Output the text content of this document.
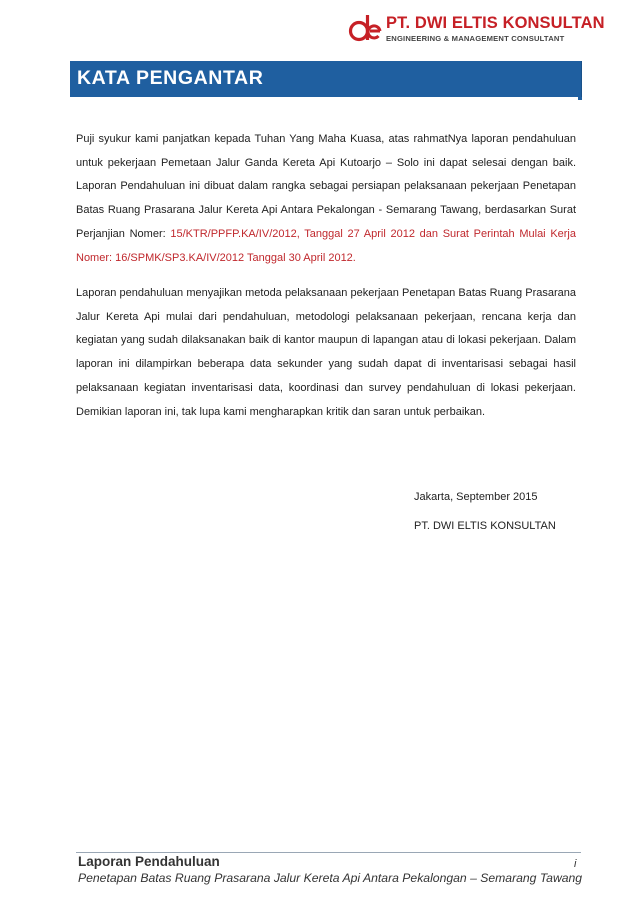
PT. DWI ELTIS KONSULTAN
ENGINEERING & MANAGEMENT CONSULTANT
KATA PENGANTAR
Puji syukur kami panjatkan kepada Tuhan Yang Maha Kuasa, atas rahmatNya laporan pendahuluan untuk pekerjaan Pemetaan Jalur Ganda Kereta Api Kutoarjo – Solo ini dapat selesai dengan baik. Laporan Pendahuluan ini dibuat dalam rangka sebagai persiapan pelaksanaan pekerjaan Penetapan Batas Ruang Prasarana Jalur Kereta Api Antara Pekalongan - Semarang Tawang, berdasarkan Surat Perjanjian Nomer: 15/KTR/PPFP.KA/IV/2012, Tanggal 27 April 2012 dan Surat Perintah Mulai Kerja Nomer: 16/SPMK/SP3.KA/IV/2012 Tanggal 30 April 2012.
Laporan pendahuluan menyajikan metoda pelaksanaan pekerjaan Penetapan Batas Ruang Prasarana Jalur Kereta Api mulai dari pendahuluan, metodologi pelaksanaan pekerjaan, rencana kerja dan kegiatan yang sudah dilaksanakan baik di kantor maupun di lapangan atau di lokasi pekerjaan. Dalam laporan ini dilampirkan beberapa data sekunder yang sudah dapat di inventarisasi sebagai hasil pelaksanaan kegiatan inventarisasi data, koordinasi dan survey pendahuluan di lokasi pekerjaan. Demikian laporan ini, tak lupa kami mengharapkan kritik dan saran untuk perbaikan.
Jakarta, September 2015
PT. DWI ELTIS KONSULTAN
Laporan Pendahuluan
Penetapan Batas Ruang Prasarana Jalur Kereta Api Antara Pekalongan – Semarang Tawang
i
